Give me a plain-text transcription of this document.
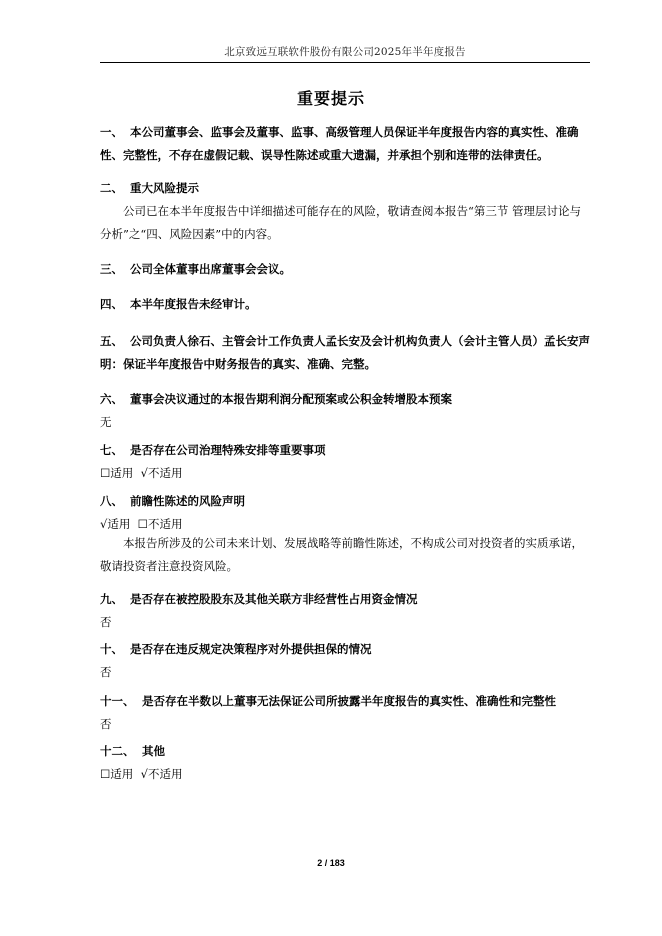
北京致远互联软件股份有限公司2025年半年度报告
重要提示

一、 本公司董事会、监事会及董事、监事、高级管理人员保证半年度报告内容的真实性、准确性、完整性，不存在虚假记载、误导性陈述或重大遗漏，并承担个别和连带的法律责任。

二、 重大风险提示

公司已在本半年度报告中详细描述可能存在的风险，敬请查阅本报告“第三节 管理层讨论与分析”之“四、风险因素”中的内容。

三、 公司全体董事出席董事会会议。

四、 本半年度报告未经审计。

五、 公司负责人徐石、主管会计工作负责人孟长安及会计机构负责人（会计主管人员）孟长安声明：保证半年度报告中财务报告的真实、准确、完整。

六、 董事会决议通过的本报告期利润分配预案或公积金转增股本预案

无

七、 是否存在公司治理特殊安排等重要事项

☐适用  √不适用

八、 前瞻性陈述的风险声明

√适用  ☐不适用

本报告所涉及的公司未来计划、发展战略等前瞻性陈述，不构成公司对投资者的实质承诺，敬请投资者注意投资风险。

九、 是否存在被控股股东及其他关联方非经营性占用资金情况

否

十、 是否存在违反规定决策程序对外提供担保的情况

否

十一、 是否存在半数以上董事无法保证公司所披露半年度报告的真实性、准确性和完整性

否

十二、 其他

☐适用  √不适用

2 / 183
